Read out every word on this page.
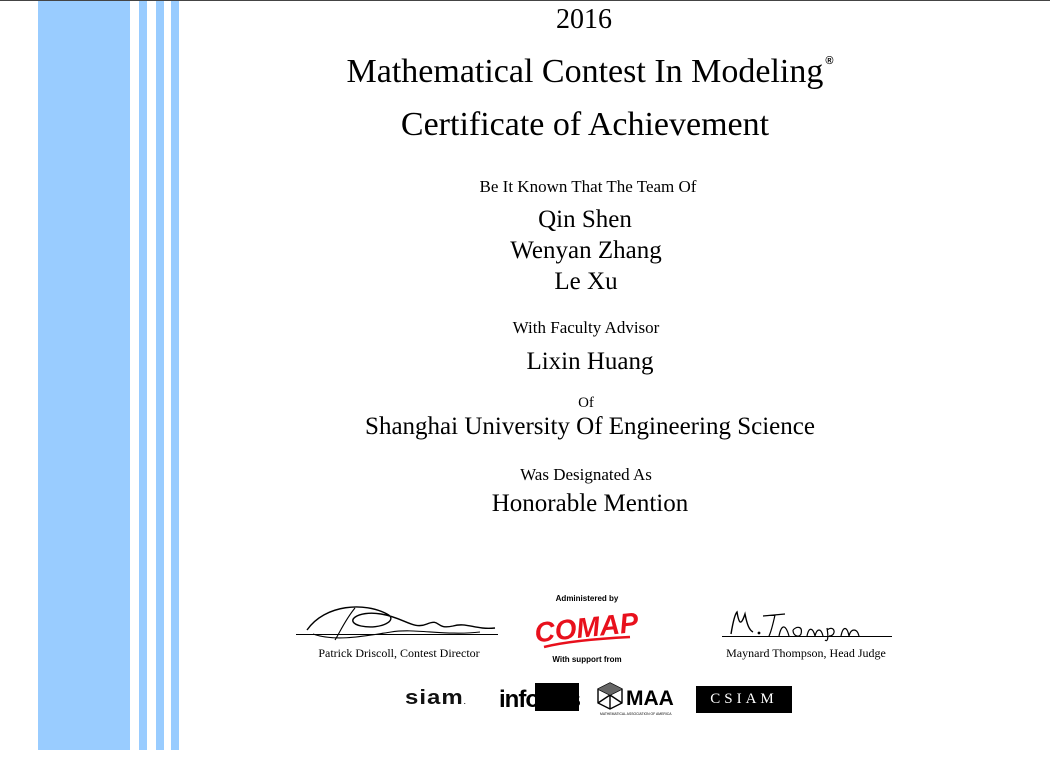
2016
Mathematical Contest In Modeling ®
Certificate of Achievement
Be It Known That The Team Of
Qin Shen
Wenyan Zhang
Le Xu
With Faculty Advisor
Lixin Huang
Of
Shanghai University Of Engineering Science
Was Designated As
Honorable Mention
Patrick Driscoll, Contest Director	Maynard Thompson, Head Judge
Administered by
COMAP
With support from
siam. informs MAA
MATHEMATICAL ASSOCIATION OF AMERICA
CSIAM
